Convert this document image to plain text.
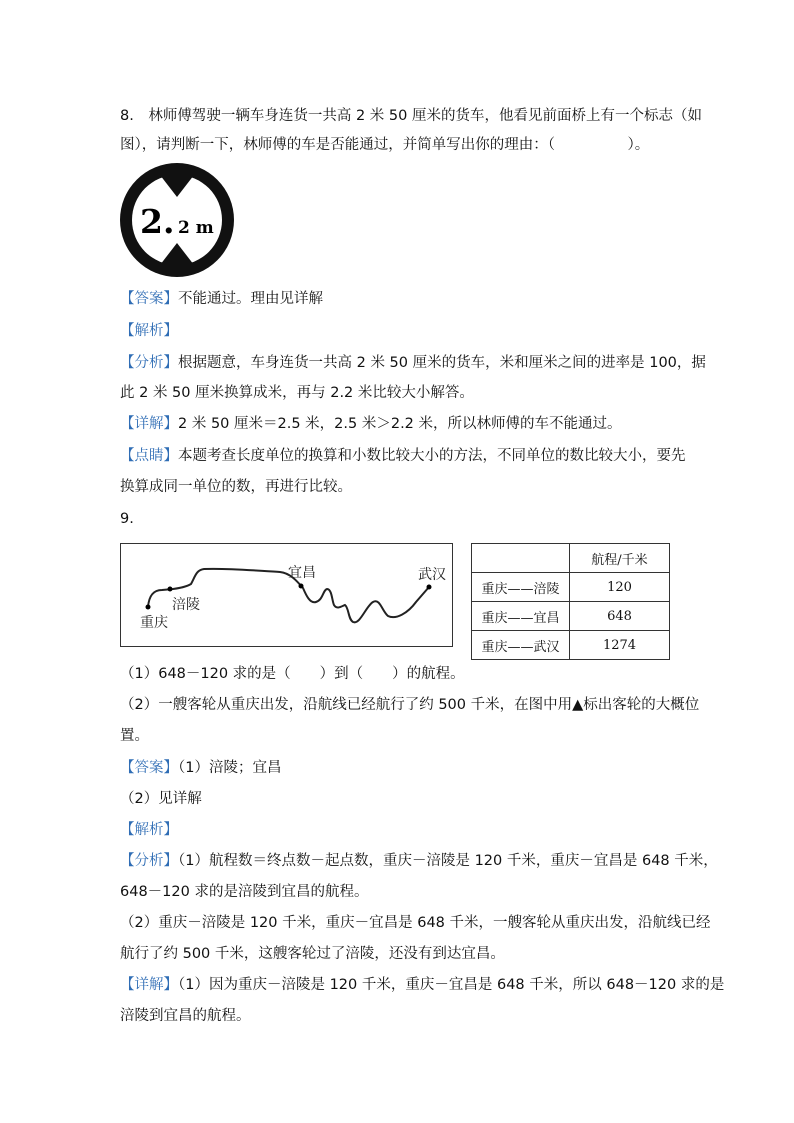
8.　林师傅驾驶一辆车身连货一共高 2 米 50 厘米的货车，他看见前面桥上有一个标志（如
图），请判断一下，林师傅的车是否能通过，并简单写出你的理由：（　　　　　）。
2. 2 m
【答案】不能通过。理由见详解
【解析】
【分析】根据题意，车身连货一共高 2 米 50 厘米的货车，米和厘米之间的进率是 100，据
此 2 米 50 厘米换算成米，再与 2.2 米比较大小解答。
【详解】2 米 50 厘米＝2.5 米，2.5 米＞2.2 米，所以林师傅的车不能通过。
【点睛】本题考查长度单位的换算和小数比较大小的方法，不同单位的数比较大小，要先
换算成同一单位的数，再进行比较。
9.
重庆
涪陵
宜昌	武汉
	航程/千米
重庆——涪陵	120
重庆——宜昌	648
重庆——武汉	1274
（1）648－120 求的是（　　）到（　　）的航程。
（2）一艘客轮从重庆出发，沿航线已经航行了约 500 千米，在图中用▲标出客轮的大概位
置。
【答案】（1）涪陵；宜昌
（2）见详解
【解析】
【分析】（1）航程数＝终点数－起点数，重庆－涪陵是 120 千米，重庆－宜昌是 648 千米，
648－120 求的是涪陵到宜昌的航程。
（2）重庆－涪陵是 120 千米，重庆－宜昌是 648 千米，一艘客轮从重庆出发，沿航线已经
航行了约 500 千米，这艘客轮过了涪陵，还没有到达宜昌。
【详解】（1）因为重庆－涪陵是 120 千米，重庆－宜昌是 648 千米，所以 648－120 求的是
涪陵到宜昌的航程。
